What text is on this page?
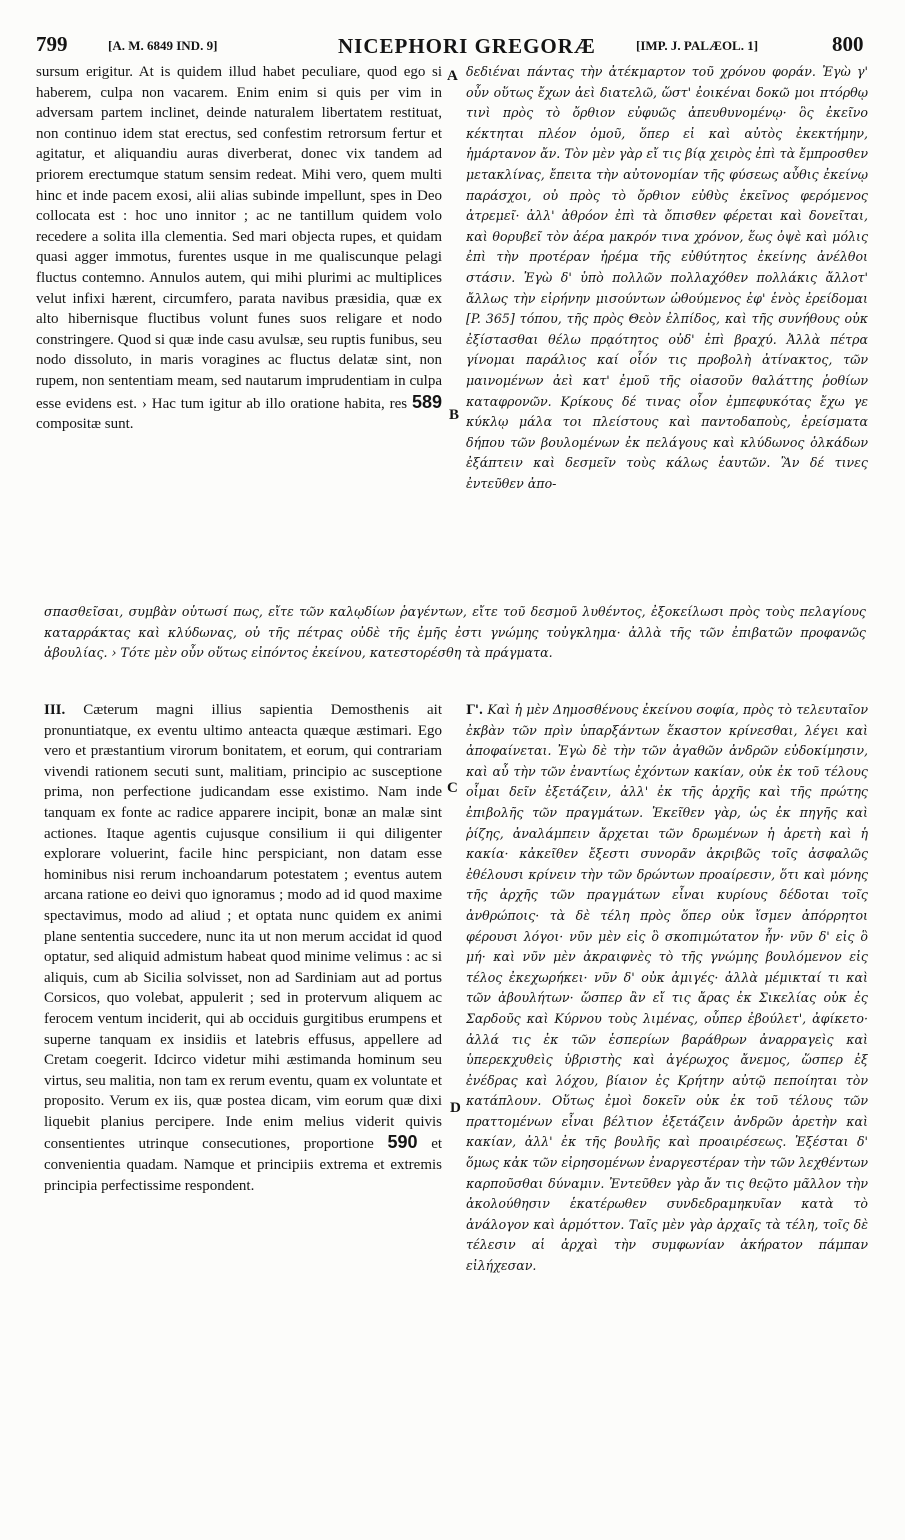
799	[A. M. 6849 IND. 9]	NICEPHORI GREGORÆ	[IMP. J. PALÆOL. 1]	800

sursum erigitur. At is quidem illud habet peculiare, quod ego si haberem, culpa non vacarem. Enim enim si quis per vim in adversam partem inclinet, deinde naturalem libertatem restituat, non continuo idem stat erectus, sed confestim retrorsum fertur et agitatur, et aliquandiu auras diverberat, donec vix tandem ad priorem erectumque statum sensim redeat. Mihi vero, quem multi hinc et inde pacem exosi, alii alias subinde impellunt, spes in Deo collocata est : hoc uno innitor ; ac ne tantillum quidem volo recedere a solita illa clementia. Sed mari objecta rupes, et quidam quasi agger immotus, furentes usque in me qualiscunque pelagi fluctus contemno. Annulos autem, qui mihi plurimi ac multiplices velut infixi hærent, circumfero, parata navibus præsidia, quæ ex alto hibernisque fluctibus volunt funes suos religare et nodo constringere. Quod si quæ inde casu avulsæ, seu ruptis funibus, seu nodo dissoluto, in maris voragines ac fluctus delatæ sint, non rupem, non sententiam meam, sed nautarum imprudentiam in culpa esse evidens est. › Hac tum igitur ab illo oratione habita, res 589 compositæ sunt.

A
B
C
D

δεδιέναι πάντας τὴν ἀτέκμαρτον τοῦ χρόνου φοράν. Ἐγὼ γ' οὖν οὕτως ἔχων ἀεὶ διατελῶ, ὥστ' ἐοικέναι δοκῶ μοι πτόρθῳ τινὶ πρὸς τὸ ὄρθιον εὐφυῶς ἀπευθυνομένῳ· ὃς ἐκεῖνο κέκτηται πλέον ὁμοῦ, ὅπερ εἰ καὶ αὐτὸς ἐκεκτήμην, ἡμάρτανον ἄν. Τὸν μὲν γὰρ εἴ τις βίᾳ χειρὸς ἐπὶ τὰ ἔμπροσθεν μετακλίνας, ἔπειτα τὴν αὐτονομίαν τῆς φύσεως αὖθις ἐκείνῳ παράσχοι, οὐ πρὸς τὸ ὄρθιον εὐθὺς ἐκεῖνος φερόμενος ἀτρεμεῖ· ἀλλ' ἀθρόον ἐπὶ τὰ ὄπισθεν φέρεται καὶ δονεῖται, καὶ θορυβεῖ τὸν ἀέρα μακρόν τινα χρόνον, ἕως ὀψὲ καὶ μόλις ἐπὶ τὴν προτέραν ἠρέμα τῆς εὐθύτητος ἐκείνης ἀνέλθοι στάσιν. Ἐγὼ δ' ὑπὸ πολλῶν πολλαχόθεν πολλάκις ἄλλοτ' ἄλλως τὴν εἰρήνην μισούντων ὠθούμενος ἐφ' ἑνὸς ἐρείδομαι [P. 365] τόπου, τῆς πρὸς Θεὸν ἐλπίδος, καὶ τῆς συνήθους οὐκ ἐξίστασθαι θέλω πρᾳότητος οὐδ' ἐπὶ βραχύ. Ἀλλὰ πέτρα γίνομαι παράλιος καί οἷόν τις προβολὴ ἀτίνακτος, τῶν μαινομένων ἀεὶ κατ' ἐμοῦ τῆς οἱασοῦν θαλάττης ῥοθίων καταφρονῶν. Κρίκους δέ τινας οἷον ἐμπεφυκότας ἔχω γε κύκλῳ μάλα τοι πλείστους καὶ παντοδαποὺς, ἐρείσματα δήπου τῶν βουλομένων ἐκ πελάγους καὶ κλύδωνος ὁλκάδων ἐξάπτειν καὶ δεσμεῖν τοὺς κάλως ἑαυτῶν. Ἂν δέ τινες ἐντεῦθεν ἀπο-

σπασθεῖσαι, συμβὰν οὑτωσί πως, εἴτε τῶν καλῳδίων ῥαγέντων, εἴτε τοῦ δεσμοῦ λυθέντος, ἐξοκείλωσι πρὸς τοὺς πελαγίους καταρράκτας καὶ κλύδωνας, οὐ τῆς πέτρας οὐδὲ τῆς ἐμῆς ἐστι γνώμης τοὐγκλημα· ἀλλὰ τῆς τῶν ἐπιβατῶν προφανῶς ἀβουλίας. › Τότε μὲν οὖν οὕτως εἰπόντος ἐκείνου, κατεστορέσθη τὰ πράγματα.

III. Cæterum magni illius sapientia Demosthenis ait pronuntiatque, ex eventu ultimo anteacta quæque æstimari. Ego vero et præstantium virorum bonitatem, et eorum, qui contrariam vivendi rationem secuti sunt, malitiam, principio ac susceptione prima, non perfectione judicandam esse existimo. Nam inde tanquam ex fonte ac radice apparere incipit, bonæ an malæ sint actiones. Itaque agentis cujusque consilium ii qui diligenter explorare voluerint, facile hinc perspiciant, non datam esse hominibus nisi rerum inchoandarum potestatem ; eventus autem arcana ratione eo deivi quo ignoramus ; modo ad id quod maxime spectavimus, modo ad aliud ; et optata nunc quidem ex animi plane sententia succedere, nunc ita ut non merum accidat id quod optatur, sed aliquid admistum habeat quod minime velimus : ac si aliquis, cum ab Sicilia solvisset, non ad Sardiniam aut ad portus Corsicos, quo volebat, appulerit ; sed in protervum aliquem ac ferocem ventum inciderit, qui ab occiduis gurgitibus erumpens et superne tanquam ex insidiis et latebris effusus, appellere ad Cretam coegerit. Idcirco videtur mihi æstimanda hominum seu virtus, seu malitia, non tam ex rerum eventu, quam ex voluntate et proposito. Verum ex iis, quæ postea dicam, vim eorum quæ dixi liquebit planius percipere. Inde enim melius viderit quivis consentientes utrinque consecutiones, proportione 590 et convenientia quadam. Namque et principiis extrema et extremis principia perfectissime respondent.

Γ'. Καὶ ἡ μὲν Δημοσθένους ἐκείνου σοφία, πρὸς τὸ τελευταῖον ἐκβὰν τῶν πρὶν ὑπαρξάντων ἕκαστον κρίνεσθαι, λέγει καὶ ἀποφαίνεται. Ἐγὼ δὲ τὴν τῶν ἀγαθῶν ἀνδρῶν εὐδοκίμησιν, καὶ αὖ τὴν τῶν ἐναντίως ἐχόντων κακίαν, οὐκ ἐκ τοῦ τέλους οἶμαι δεῖν ἐξετάζειν, ἀλλ' ἐκ τῆς ἀρχῆς καὶ τῆς πρώτης ἐπιβολῆς τῶν πραγμάτων. Ἐκεῖθεν γὰρ, ὡς ἐκ πηγῆς καὶ ῥίζης, ἀναλάμπειν ἄρχεται τῶν δρωμένων ἡ ἀρετὴ καὶ ἡ κακία· κἀκεῖθεν ἔξεστι συνορᾶν ἀκριβῶς τοῖς ἀσφαλῶς ἐθέλουσι κρίνειν τὴν τῶν δρώντων προαίρεσιν, ὅτι καὶ μόνης τῆς ἀρχῆς τῶν πραγμάτων εἶναι κυρίους δέδοται τοῖς ἀνθρώποις· τὰ δὲ τέλη πρὸς ὅπερ οὐκ ἴσμεν ἀπόρρητοι φέρουσι λόγοι· νῦν μὲν εἰς ὃ σκοπιμώτατον ἦν· νῦν δ' εἰς ὃ μή· καὶ νῦν μὲν ἀκραιφνὲς τὸ τῆς γνώμης βουλόμενον εἰς τέλος ἐκεχωρήκει· νῦν δ' οὐκ ἀμιγές· ἀλλὰ μέμικταί τι καὶ τῶν ἀβουλήτων· ὥσπερ ἂν εἴ τις ἄρας ἐκ Σικελίας οὐκ ἐς Σαρδοῦς καὶ Κύρνου τοὺς λιμένας, οὗπερ ἐβούλετ', ἀφίκετο· ἀλλά τις ἐκ τῶν ἑσπερίων βαράθρων ἀναρραγεὶς καὶ ὑπερεκχυθεὶς ὑβριστὴς καὶ ἀγέρωχος ἄνεμος, ὥσπερ ἐξ ἐνέδρας καὶ λόχου, βίαιον ἐς Κρήτην αὐτῷ πεποίηται τὸν κατάπλουν. Οὕτως ἐμοὶ δοκεῖν οὐκ ἐκ τοῦ τέλους τῶν πραττομένων εἶναι βέλτιον ἐξετάζειν ἀνδρῶν ἀρετὴν καὶ κακίαν, ἀλλ' ἐκ τῆς βουλῆς καὶ προαιρέσεως. Ἐξέσται δ' ὅμως κἀκ τῶν εἰρησομένων ἐναργεστέραν τὴν τῶν λεχθέντων καρποῦσθαι δύναμιν. Ἐντεῦθεν γὰρ ἄν τις θεῷτο μᾶλλον τὴν ἀκολούθησιν ἑκατέρωθεν συνδεδραμηκυῖαν κατὰ τὸ ἀνάλογον καὶ ἁρμόττον. Ταῖς μὲν γὰρ ἀρχαῖς τὰ τέλη, τοῖς δὲ τέλεσιν αἱ ἀρχαὶ τὴν συμφωνίαν ἀκήρατον πάμπαν εἰλήχεσαν.
